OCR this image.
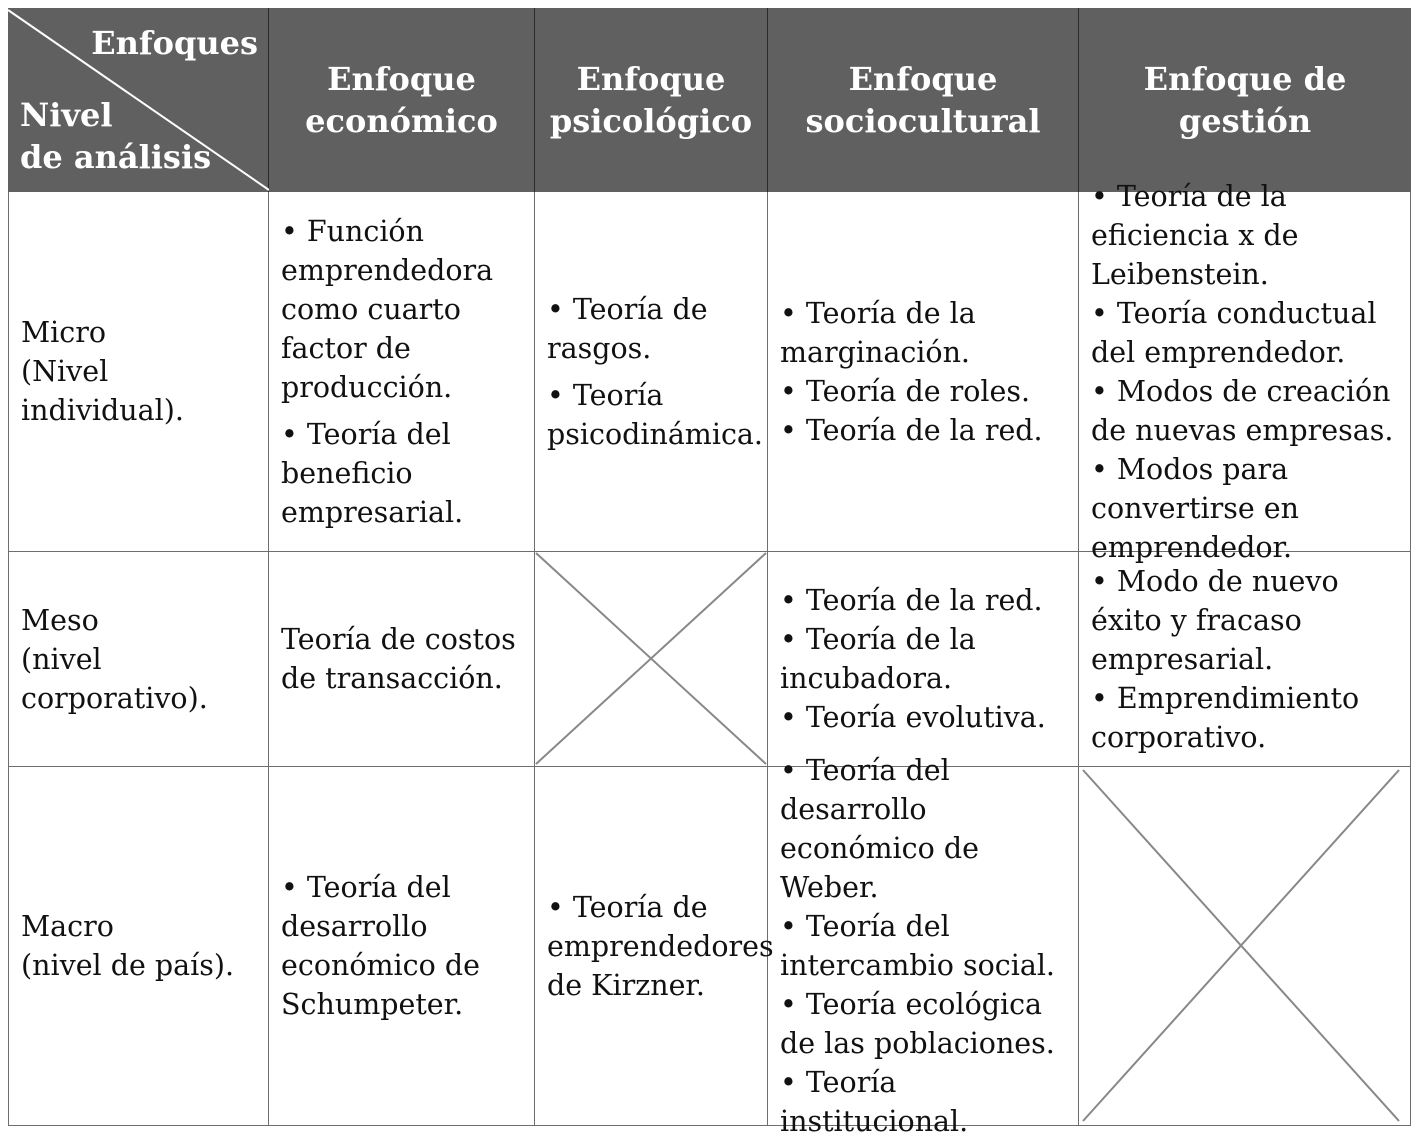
Enfoques
Nivel
de análisis
Enfoque
económico
Enfoque
psicológico
Enfoque
sociocultural
Enfoque de
gestión
Micro
(Nivel
individual).
• Función emprendedora como cuarto factor de producción.
• Teoría del beneficio empresarial.
• Teoría de rasgos.
• Teoría psicodinámica.
• Teoría de la marginación.
• Teoría de roles.
• Teoría de la red.
• Teoría de la eficiencia x de Leibenstein.
• Teoría conductual del emprendedor.
• Modos de creación de nuevas empresas.
• Modos para convertirse en emprendedor.
Meso
(nivel
corporativo).
Teoría de costos de transacción.
• Teoría de la red.
• Teoría de la incubadora.
• Teoría evolutiva.
• Modo de nuevo éxito y fracaso empresarial.
• Emprendimiento corporativo.
Macro
(nivel de país).
• Teoría del desarrollo económico de Schumpeter.
• Teoría de emprendedores de Kirzner.
• Teoría del desarrollo económico de Weber.
• Teoría del intercambio social.
• Teoría ecológica de las poblaciones.
• Teoría institucional.
